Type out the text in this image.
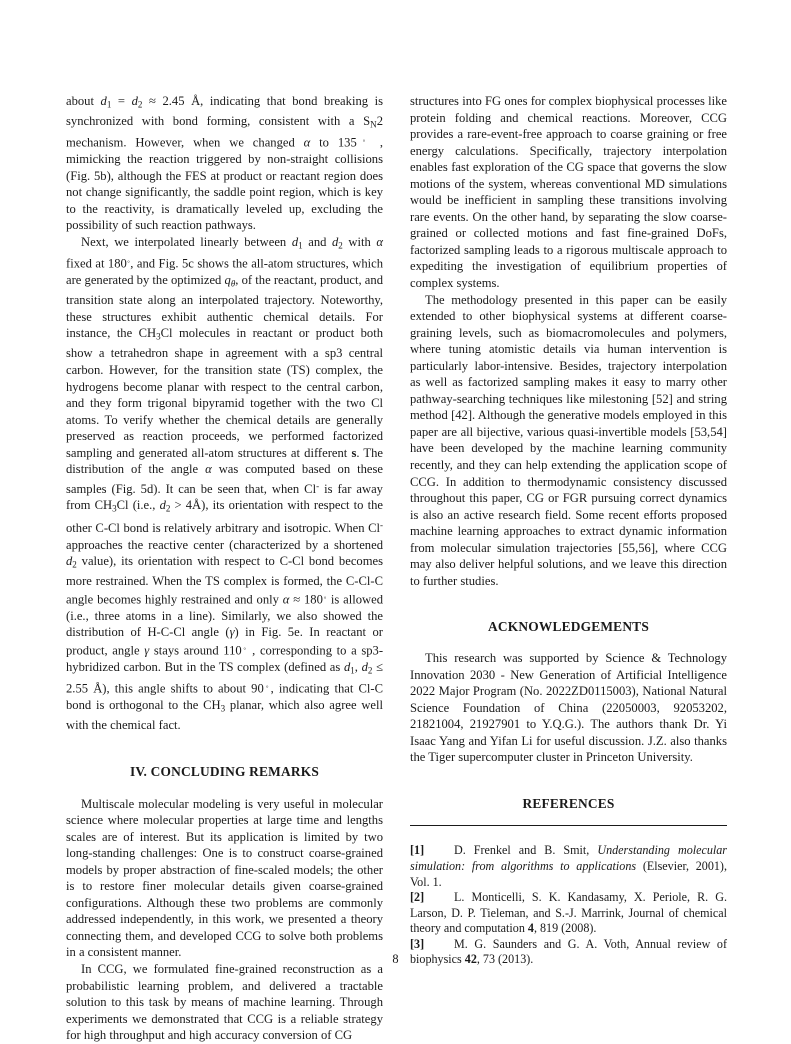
about $d_1 = d_2 \approx 2.45$ Å, indicating that bond breaking is synchronized with bond forming, consistent with a $S_N2$ mechanism. However, when we changed α to 135◦ , mimicking the reaction triggered by non-straight collisions (Fig. 5b), although the FES at product or reactant region does not change significantly, the saddle point region, which is key to the reactivity, is dramatically leveled up, excluding the possibility of such reaction pathways.

Next, we interpolated linearly between $d_1$ and $d_2$ with α fixed at 180◦, and Fig. 5c shows the all-atom structures, which are generated by the optimized $q_\theta$, of the reactant, product, and transition state along an interpolated trajectory. Noteworthy, these structures exhibit authentic chemical details. For instance, the $CH_3Cl$ molecules in reactant or product both show a tetrahedron shape in agreement with a sp3 central carbon. However, for the transition state (TS) complex, the hydrogens become planar with respect to the central carbon, and they form trigonal bipyramid together with the two Cl atoms. To verify whether the chemical details are generally preserved as reaction proceeds, we performed factorized sampling and generated all-atom structures at different s. The distribution of the angle α was computed based on these samples (Fig. 5d). It can be seen that, when Cl- is far away from $CH_3Cl$ (i.e., $d_2$ > 4Å), its orientation with respect to the other C-Cl bond is relatively arbitrary and isotropic. When Cl- approaches the reactive center (characterized by a shortened $d_2$ value), its orientation with respect to C-Cl bond becomes more restrained. When the TS complex is formed, the C-Cl-C angle becomes highly restrained and only α ≈ 180◦ is allowed (i.e., three atoms in a line). Similarly, we also showed the distribution of H-C-Cl angle (γ) in Fig. 5e. In reactant or product, angle γ stays around 110◦ , corresponding to a sp3-hybridized carbon. But in the TS complex (defined as $d_1$, $d_2 \le 2.55$ Å), this angle shifts to about 90◦, indicating that Cl-C bond is orthogonal to the $CH_3$ planar, which also agree well with the chemical fact.

IV. CONCLUDING REMARKS

Multiscale molecular modeling is very useful in molecular science where molecular properties at large time and lengths scales are of interest. But its application is limited by two long-standing challenges: One is to construct coarse-grained models by proper abstraction of fine-scaled models; the other is to restore finer molecular details given coarse-grained configurations. Although these two problems are commonly addressed independently, in this work, we presented a theory connecting them, and developed CCG to solve both problems in a consistent manner.

In CCG, we formulated fine-grained reconstruction as a probabilistic learning problem, and delivered a tractable solution to this task by means of machine learning. Through experiments we demonstrated that CCG is a reliable strategy for high throughput and high accuracy conversion of CG

structures into FG ones for complex biophysical processes like protein folding and chemical reactions. Moreover, CCG provides a rare-event-free approach to coarse graining or free energy calculations. Specifically, trajectory interpolation enables fast exploration of the CG space that governs the slow motions of the system, whereas conventional MD simulations would be inefficient in sampling these transitions involving rare events. On the other hand, by separating the slow coarse-grained or collected motions and fast fine-grained DoFs, factorized sampling leads to a rigorous multiscale approach to expediting the investigation of equilibrium properties of complex systems.

The methodology presented in this paper can be easily extended to other biophysical systems at different coarse-graining levels, such as biomacromolecules and polymers, where tuning atomistic details via human intervention is particularly labor-intensive. Besides, trajectory interpolation as well as factorized sampling makes it easy to marry other pathway-searching techniques like milestoning [52] and string method [42]. Although the generative models employed in this paper are all bijective, various quasi-invertible models [53,54] have been developed by the machine learning community recently, and they can help extending the application scope of CCG. In addition to thermodynamic consistency discussed throughout this paper, CG or FGR pursuing correct dynamics is also an active research field. Some recent efforts proposed machine learning approaches to extract dynamic information from molecular simulation trajectories [55,56], where CCG may also deliver helpful solutions, and we leave this direction to further studies.

ACKNOWLEDGEMENTS

This research was supported by Science & Technology Innovation 2030 - New Generation of Artificial Intelligence 2022 Major Program (No. 2022ZD0115003), National Natural Science Foundation of China (22050003, 92053202, 21821004, 21927901 to Y.Q.G.). The authors thank Dr. Yi Isaac Yang and Yifan Li for useful discussion. J.Z. also thanks the Tiger supercomputer cluster in Princeton University.

REFERENCES

[1] D. Frenkel and B. Smit, Understanding molecular simulation: from algorithms to applications (Elsevier, 2001), Vol. 1.

[2] L. Monticelli, S. K. Kandasamy, X. Periole, R. G. Larson, D. P. Tieleman, and S.-J. Marrink, Journal of chemical theory and computation 4, 819 (2008).

[3] M. G. Saunders and G. A. Voth, Annual review of biophysics 42, 73 (2013).

8
